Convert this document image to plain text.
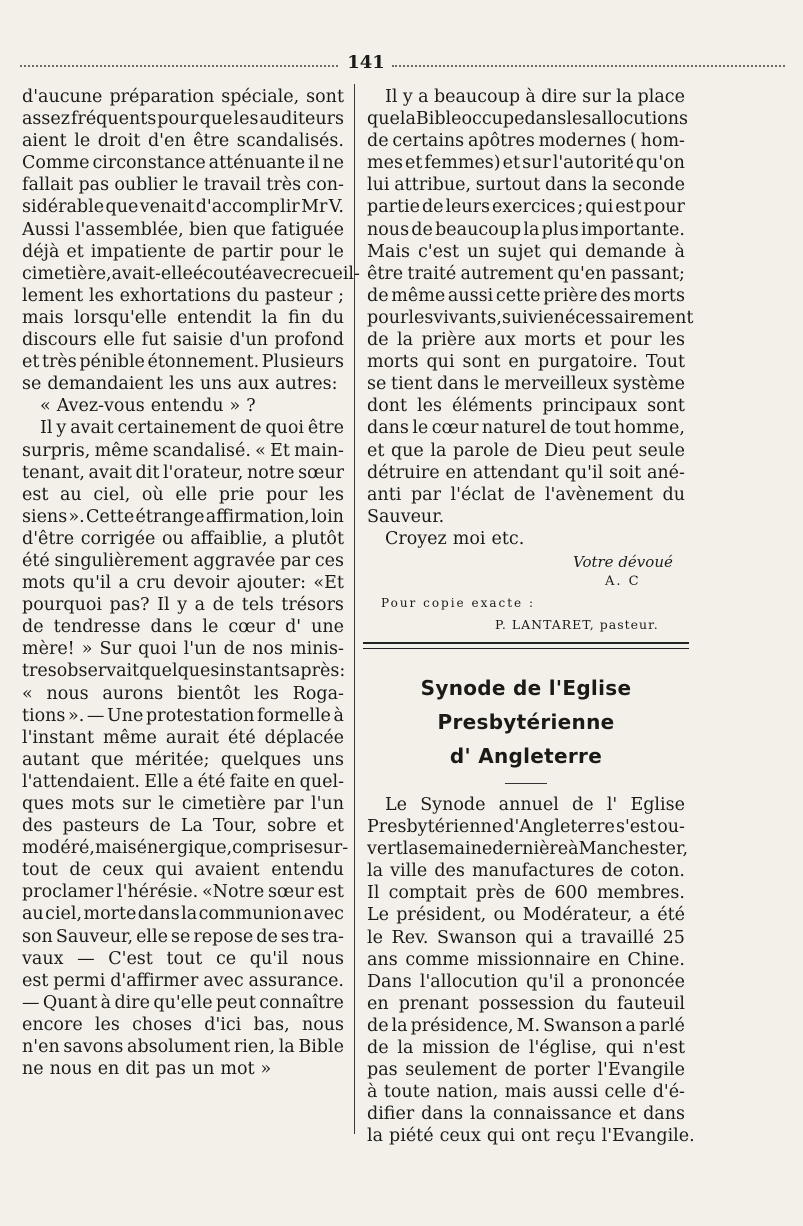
141
d'aucune préparation spéciale, sont
assez fréquents pour que les auditeurs
aient le droit d'en être scandalisés.
Comme circonstance atténuante il ne
fallait pas oublier le travail très con-
sidérable que venait d'accomplir Mr V.
Aussi l'assemblée, bien que fatiguée
déjà et impatiente de partir pour le
cimetière, avait-elle écouté avec recueil-
lement les exhortations du pasteur ;
mais lorsqu'elle entendit la fin du
discours elle fut saisie d'un profond
et très pénible étonnement. Plusieurs
se demandaient les uns aux autres:
« Avez-vous entendu » ?
Il y avait certainement de quoi être
surpris, même scandalisé. « Et main-
tenant, avait dit l'orateur, notre sœur
est au ciel, où elle prie pour les
siens ». Cette étrange affirmation, loin
d'être corrigée ou affaiblie, a plutôt
été singulièrement aggravée par ces
mots qu'il a cru devoir ajouter: «Et
pourquoi pas? Il y a de tels trésors
de tendresse dans le cœur d' une
mère! » Sur quoi l'un de nos minis-
tres observait quelques instants après:
« nous aurons bientôt les Roga-
tions ». — Une protestation formelle à
l'instant même aurait été déplacée
autant que méritée; quelques uns
l'attendaient. Elle a été faite en quel-
ques mots sur le cimetière par l'un
des pasteurs de La Tour, sobre et
modéré, mais énergique, comprise sur-
tout de ceux qui avaient entendu
proclamer l'hérésie. «Notre sœur est
au ciel, morte dans la communion avec
son Sauveur, elle se repose de ses tra-
vaux — C'est tout ce qu'il nous
est permi d'affirmer avec assurance.
— Quant à dire qu'elle peut connaître
encore les choses d'ici bas, nous
n'en savons absolument rien, la Bible
ne nous en dit pas un mot »
Il y a beaucoup à dire sur la place
que la Bible occupe dans les allocutions
de certains apôtres modernes ( hom-
mes et femmes) et sur l'autorité qu'on
lui attribue, surtout dans la seconde
partie de leurs exercices ; qui est pour
nous de beaucoup la plus importante.
Mais c'est un sujet qui demande à
être traité autrement qu'en passant;
de même aussi cette prière des morts
pour les vivants, suivie nécessairement
de la prière aux morts et pour les
morts qui sont en purgatoire. Tout
se tient dans le merveilleux système
dont les éléments principaux sont
dans le cœur naturel de tout homme,
et que la parole de Dieu peut seule
détruire en attendant qu'il soit ané-
anti par l'éclat de l'avènement du
Sauveur.
Croyez moi etc.
Votre dévoué
A. C
Pour copie exacte :
P. LANTARET, pasteur.
Synode de l'Eglise Presbytérienne
d' Angleterre
Le Synode annuel de l' Eglise
Presbytérienne d'Angleterre s'est ou-
vert la semaine dernière à Manchester,
la ville des manufactures de coton.
Il comptait près de 600 membres.
Le président, ou Modérateur, a été
le Rev. Swanson qui a travaillé 25
ans comme missionnaire en Chine.
Dans l'allocution qu'il a prononcée
en prenant possession du fauteuil
de la présidence, M. Swanson a parlé
de la mission de l'église, qui n'est
pas seulement de porter l'Evangile
à toute nation, mais aussi celle d'é-
difier dans la connaissance et dans
la piété ceux qui ont reçu l'Evangile.
